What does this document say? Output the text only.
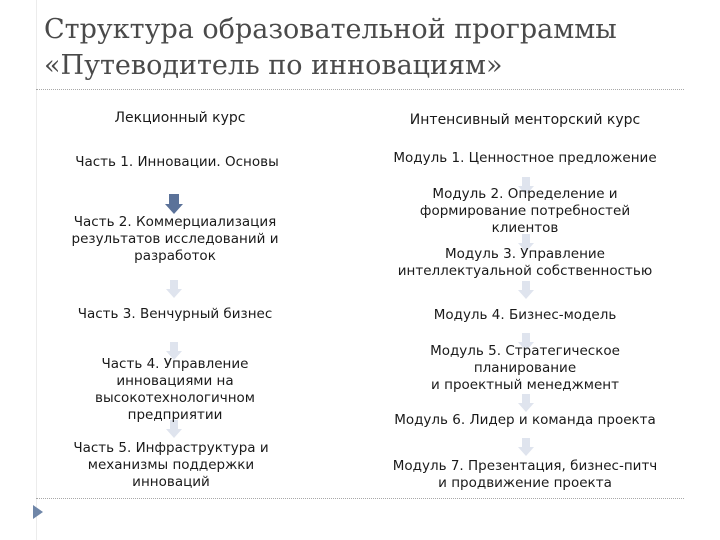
Структура образовательной программы
«Путеводитель по инновациям»
Лекционный курс
Часть 1. Инновации. Основы
Часть 2. Коммерциализация
результатов исследований и
разработок
Часть 3. Венчурный бизнес
Часть 4. Управление
инновациями на
высокотехнологичном
предприятии
Часть 5. Инфраструктура и
механизмы поддержки
инноваций
Интенсивный менторский курс
Модуль 1. Ценностное предложение
Модуль 2. Определение и
формирование потребностей
клиентов
Модуль 3. Управление
интеллектуальной собственностью
Модуль 4. Бизнес-модель
Модуль 5. Стратегическое
планирование
и проектный менеджмент
Модуль 6. Лидер и команда проекта
Модуль 7. Презентация, бизнес-питч
и продвижение проекта
